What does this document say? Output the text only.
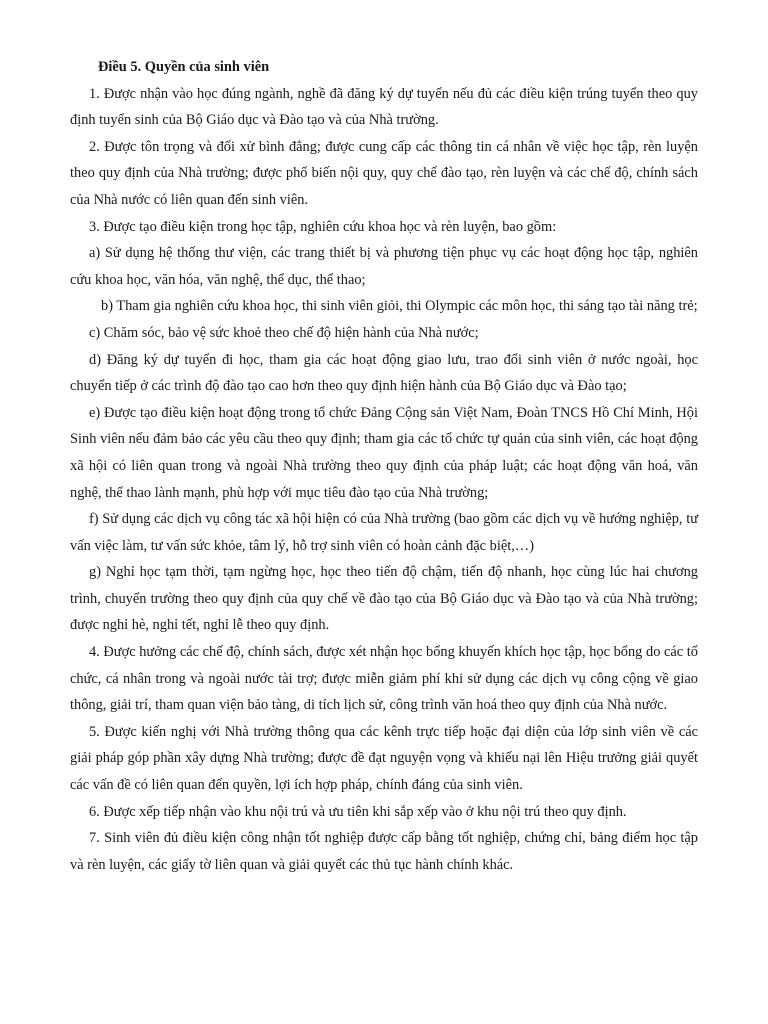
Điều 5. Quyền của sinh viên

1. Được nhận vào học đúng ngành, nghề đã đăng ký dự tuyển nếu đủ các điều kiện trúng tuyển theo quy định tuyển sinh của Bộ Giáo dục và Đào tạo và của Nhà trường.

2. Được tôn trọng và đối xử bình đẳng; được cung cấp các thông tin cá nhân về việc học tập, rèn luyện theo quy định của Nhà trường; được phổ biến nội quy, quy chế đào tạo, rèn luyện và các chế độ, chính sách của Nhà nước có liên quan đến sinh viên.

3. Được tạo điều kiện trong học tập, nghiên cứu khoa học và rèn luyện, bao gồm:

a) Sử dụng hệ thống thư viện, các trang thiết bị và phương tiện phục vụ các hoạt động học tập, nghiên cứu khoa học, văn hóa, văn nghệ, thể dục, thể thao;

b) Tham gia nghiên cứu khoa học, thi sinh viên giỏi, thi Olympic các môn học, thi sáng tạo tài năng trẻ;

c) Chăm sóc, bảo vệ sức khoẻ theo chế độ hiện hành của Nhà nước;

d) Đăng ký dự tuyển đi học, tham gia các hoạt động giao lưu, trao đổi sinh viên ở nước ngoài, học chuyển tiếp ở các trình độ đào tạo cao hơn theo quy định hiện hành của Bộ Giáo dục và Đào tạo;

e) Được tạo điều kiện hoạt động trong tổ chức Đảng Cộng sản Việt Nam, Đoàn TNCS Hồ Chí Minh, Hội Sinh viên nếu đảm bảo các yêu cầu theo quy định; tham gia các tổ chức tự quản của sinh viên, các hoạt động xã hội có liên quan trong và ngoài Nhà trường theo quy định của pháp luật; các hoạt động văn hoá, văn nghệ, thể thao lành mạnh, phù hợp với mục tiêu đào tạo của Nhà trường;

f) Sử dụng các dịch vụ công tác xã hội hiện có của Nhà trường (bao gồm các dịch vụ về hướng nghiệp, tư vấn việc làm, tư vấn sức khỏe, tâm lý, hỗ trợ sinh viên có hoàn cảnh đặc biệt,…)

g) Nghỉ học tạm thời, tạm ngừng học, học theo tiến độ chậm, tiến độ nhanh, học cùng lúc hai chương trình, chuyển trường theo quy định của quy chế về đào tạo của Bộ Giáo dục và Đào tạo và của Nhà trường; được nghỉ hè, nghỉ tết, nghỉ lễ theo quy định.

4. Được hưởng các chế độ, chính sách, được xét nhận học bổng khuyến khích học tập, học bổng do các tổ chức, cá nhân trong và ngoài nước tài trợ; được miễn giảm phí khi sử dụng các dịch vụ công cộng về giao thông, giải trí, tham quan viện bảo tàng, di tích lịch sử, công trình văn hoá theo quy định của Nhà nước.

5. Được kiến nghị với Nhà trường thông qua các kênh trực tiếp hoặc đại diện của lớp sinh viên về các giải pháp góp phần xây dựng Nhà trường; được đề đạt nguyện vọng và khiếu nại lên Hiệu trưởng giải quyết các vấn đề có liên quan đến quyền, lợi ích hợp pháp, chính đáng của sinh viên.

6. Được xếp tiếp nhận vào khu nội trú và ưu tiên khi sắp xếp vào ở khu nội trú theo quy định.

7. Sinh viên đủ điều kiện công nhận tốt nghiệp được cấp bằng tốt nghiệp, chứng chỉ, bảng điểm học tập và rèn luyện, các giấy tờ liên quan và giải quyết các thủ tục hành chính khác.
